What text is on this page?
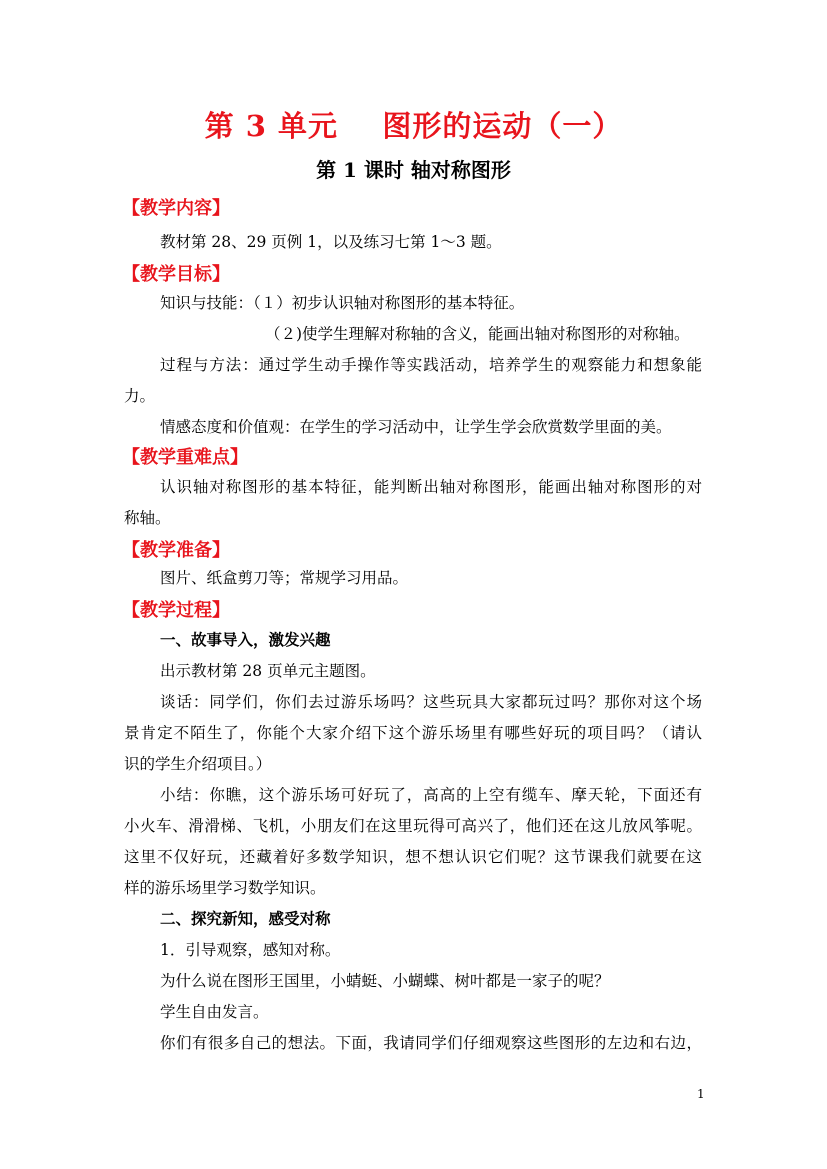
第 3 单元    图形的运动（一）
第 1 课时 轴对称图形
【教学内容】
教材第 28、29 页例 1，以及练习七第 1～3 题。
【教学目标】
知识与技能：（１）初步认识轴对称图形的基本特征。
（２)使学生理解对称轴的含义，能画出轴对称图形的对称轴。
过程与方法：通过学生动手操作等实践活动，培养学生的观察能力和想象能
力。
情感态度和价值观：在学生的学习活动中，让学生学会欣赏数学里面的美。
【教学重难点】
认识轴对称图形的基本特征，能判断出轴对称图形，能画出轴对称图形的对
称轴。
【教学准备】
图片、纸盒剪刀等；常规学习用品。
【教学过程】
一、故事导入，激发兴趣
出示教材第 28 页单元主题图。
谈话：同学们，你们去过游乐场吗？这些玩具大家都玩过吗？那你对这个场
景肯定不陌生了，你能个大家介绍下这个游乐场里有哪些好玩的项目吗？（请认
识的学生介绍项目。）
小结：你瞧，这个游乐场可好玩了，高高的上空有缆车、摩天轮，下面还有
小火车、滑滑梯、飞机，小朋友们在这里玩得可高兴了，他们还在这儿放风筝呢。
这里不仅好玩，还藏着好多数学知识，想不想认识它们呢？这节课我们就要在这
样的游乐场里学习数学知识。
二、探究新知，感受对称
1．引导观察，感知对称。
为什么说在图形王国里，小蜻蜓、小蝴蝶、树叶都是一家子的呢？
学生自由发言。
你们有很多自己的想法。下面，我请同学们仔细观察这些图形的左边和右边，
1
